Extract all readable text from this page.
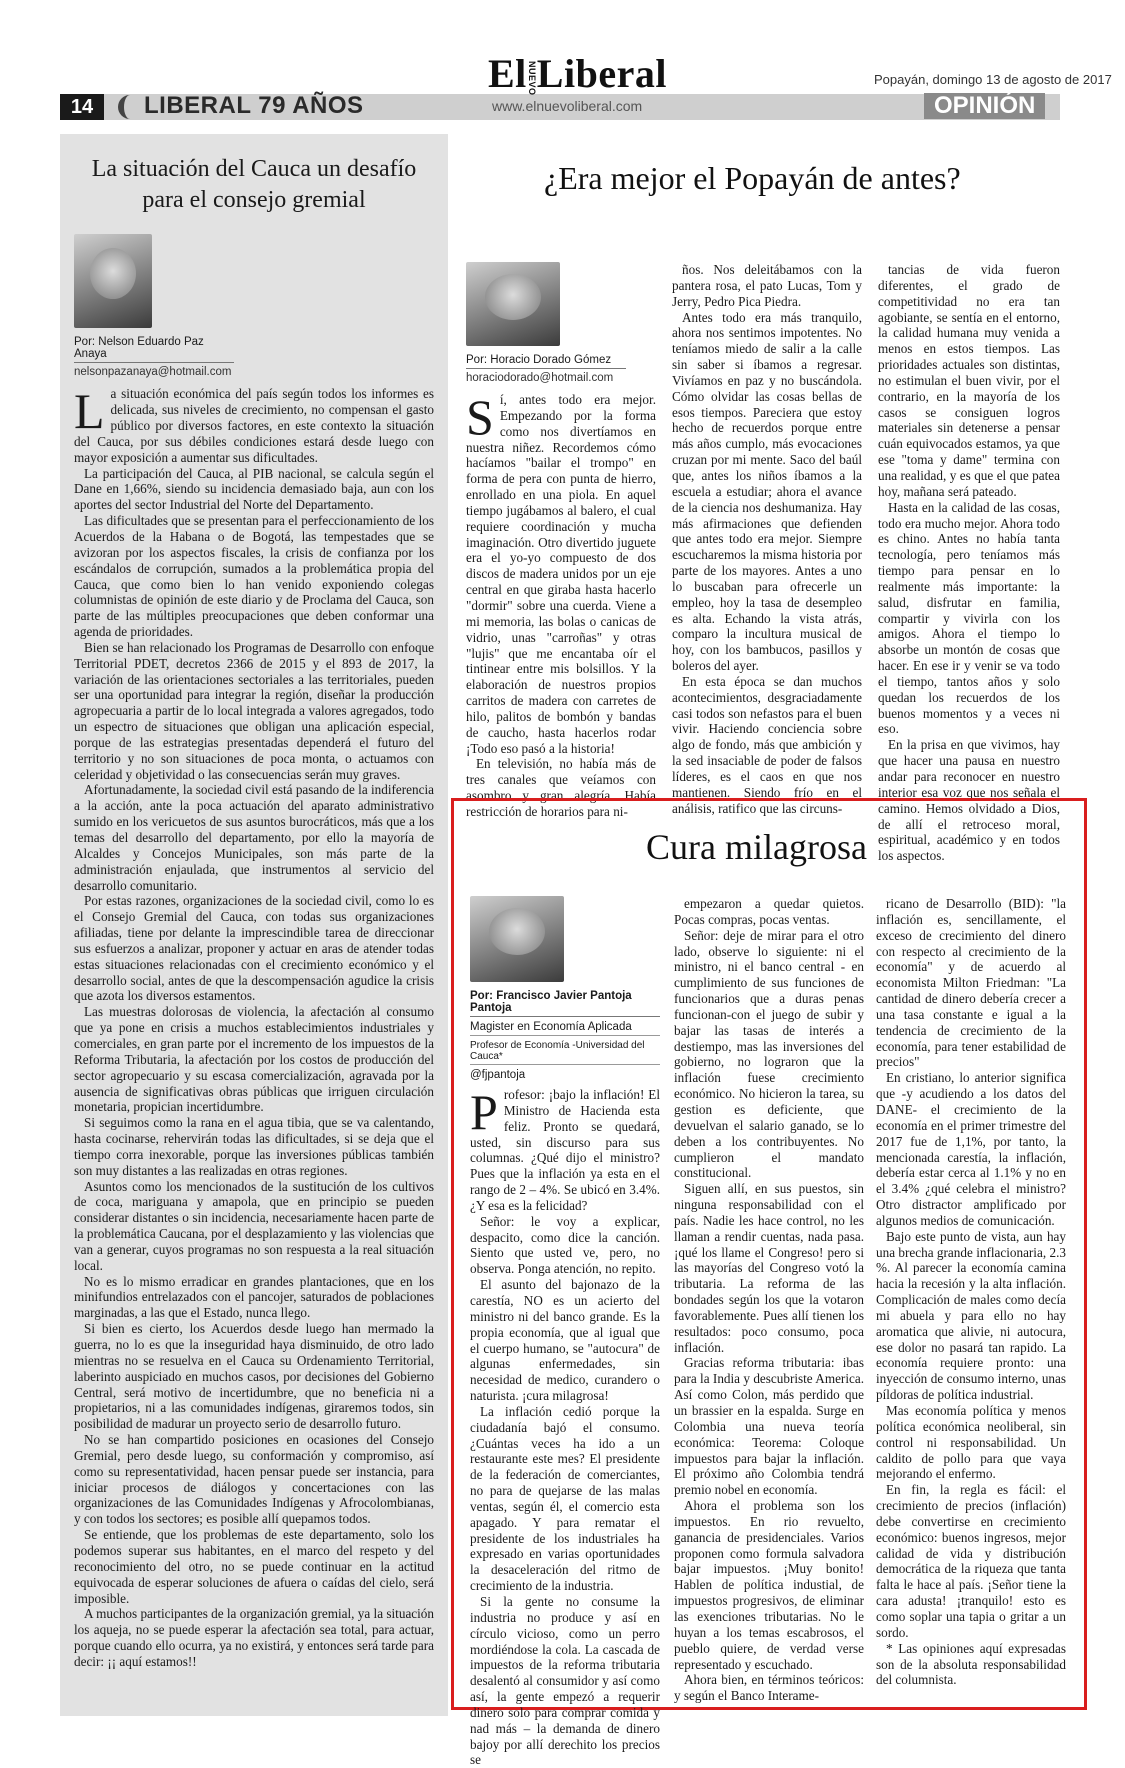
14	LIBERAL 79 AÑOS
ElNUEVOLiberal
www.elnuevoliberal.com
Popayán, domingo 13 de agosto de 2017
OPINIÓN
La situación del Cauca un desafío para el consejo gremial
Por: Nelson Eduardo Paz Anaya
nelsonpazanaya@hotmail.com

La situación económica del país según todos los informes es delicada, sus niveles de crecimiento, no compensan el gasto público por diversos factores, en este contexto la situación del Cauca, por sus débiles condiciones estará desde luego con mayor exposición a aumentar sus dificultades.

La participación del Cauca, al PIB nacional, se calcula según el Dane en 1,66%, siendo su incidencia demasiado baja, aun con los aportes del sector Industrial del Norte del Departamento.

Las dificultades que se presentan para el perfeccionamiento de los Acuerdos de la Habana o de Bogotá, las tempestades que se avizoran por los aspectos fiscales, la crisis de confianza por los escándalos de corrupción, sumados a la problemática propia del Cauca, que como bien lo han venido exponiendo colegas columnistas de opinión de este diario y de Proclama del Cauca, son parte de las múltiples preocupaciones que deben conformar una agenda de prioridades.

Bien se han relacionado los Programas de Desarrollo con enfoque Territorial PDET, decretos 2366 de 2015 y el 893 de 2017, la variación de las orientaciones sectoriales a las territoriales, pueden ser una oportunidad para integrar la región, diseñar la producción agropecuaria a partir de lo local integrada a valores agregados, todo un espectro de situaciones que obligan una aplicación especial, porque de las estrategias presentadas dependerá el futuro del territorio y no son situaciones de poca monta, o actuamos con celeridad y objetividad o las consecuencias serán muy graves.

Afortunadamente, la sociedad civil está pasando de la indiferencia a la acción, ante la poca actuación del aparato administrativo sumido en los vericuetos de sus asuntos burocráticos, más que a los temas del desarrollo del departamento, por ello la mayoría de Alcaldes y Concejos Municipales, son más parte de la administración enjaulada, que instrumentos al servicio del desarrollo comunitario.

Por estas razones, organizaciones de la sociedad civil, como lo es el Consejo Gremial del Cauca, con todas sus organizaciones afiliadas, tiene por delante la imprescindible tarea de direccionar sus esfuerzos a analizar, proponer y actuar en aras de atender todas estas situaciones relacionadas con el crecimiento económico y el desarrollo social, antes de que la descompensación agudice la crisis que azota los diversos estamentos.

Las muestras dolorosas de violencia, la afectación al consumo que ya pone en crisis a muchos establecimientos industriales y comerciales, en gran parte por el incremento de los impuestos de la Reforma Tributaria, la afectación por los costos de producción del sector agropecuario y su escasa comercialización, agravada por la ausencia de significativas obras públicas que irriguen circulación monetaria, propician incertidumbre.

Si seguimos como la rana en el agua tibia, que se va calentando, hasta cocinarse, rehervirán todas las dificultades, si se deja que el tiempo corra inexorable, porque las inversiones públicas también son muy distantes a las realizadas en otras regiones.

Asuntos como los mencionados de la sustitución de los cultivos de coca, mariguana y amapola, que en principio se pueden considerar distantes o sin incidencia, necesariamente hacen parte de la problemática Caucana, por el desplazamiento y las violencias que van a generar, cuyos programas no son respuesta a la real situación local.

No es lo mismo erradicar en grandes plantaciones, que en los minifundios entrelazados con el pancojer, saturados de poblaciones marginadas, a las que el Estado, nunca llego.

Si bien es cierto, los Acuerdos desde luego han mermado la guerra, no lo es que la inseguridad haya disminuido, de otro lado mientras no se resuelva en el Cauca su Ordenamiento Territorial, laberinto auspiciado en muchos casos, por decisiones del Gobierno Central, será motivo de incertidumbre, que no beneficia ni a propietarios, ni a las comunidades indígenas, giraremos todos, sin posibilidad de madurar un proyecto serio de desarrollo futuro.

No se han compartido posiciones en ocasiones del Consejo Gremial, pero desde luego, su conformación y compromiso, así como su representatividad, hacen pensar puede ser instancia, para iniciar procesos de diálogos y concertaciones con las organizaciones de las Comunidades Indígenas y Afrocolombianas, y con todos los sectores; es posible allí quepamos todos.

Se entiende, que los problemas de este departamento, solo los podemos superar sus habitantes, en el marco del respeto y del reconocimiento del otro, no se puede continuar en la actitud equivocada de esperar soluciones de afuera o caídas del cielo, será imposible.

A muchos participantes de la organización gremial, ya la situación los aqueja, no se puede esperar la afectación sea total, para actuar, porque cuando ello ocurra, ya no existirá, y entonces será tarde para decir: ¡¡ aquí estamos!!

¿Era mejor el Popayán de antes?
Por: Horacio Dorado Gómez
horaciodorado@hotmail.com

Sí, antes todo era mejor. Empezando por la forma como nos divertíamos en nuestra niñez. Recordemos cómo hacíamos "bailar el trompo" en forma de pera con punta de hierro, enrollado en una piola. En aquel tiempo jugábamos al balero, el cual requiere coordinación y mucha imaginación. Otro divertido juguete era el yo-yo compuesto de dos discos de madera unidos por un eje central en que giraba hasta hacerlo "dormir" sobre una cuerda. Viene a mi memoria, las bolas o canicas de vidrio, unas "carroñas" y otras "lujis" que me encantaba oír el tintinear entre mis bolsillos. Y la elaboración de nuestros propios carritos de madera con carretes de hilo, palitos de bombón y bandas de caucho, hasta hacerlos rodar ¡Todo eso pasó a la historia!

En televisión, no había más de tres canales que veíamos con asombro y gran alegría. Había restricción de horarios para ni-

ños. Nos deleitábamos con la pantera rosa, el pato Lucas, Tom y Jerry, Pedro Pica Piedra.

Antes todo era más tranquilo, ahora nos sentimos impotentes. No teníamos miedo de salir a la calle sin saber si íbamos a regresar. Vivíamos en paz y no buscándola. Cómo olvidar las cosas bellas de esos tiempos. Pareciera que estoy hecho de recuerdos porque entre más años cumplo, más evocaciones cruzan por mi mente. Saco del baúl que, antes los niños íbamos a la escuela a estudiar; ahora el avance de la ciencia nos deshumaniza. Hay más afirmaciones que defienden que antes todo era mejor. Siempre escucharemos la misma historia por parte de los mayores. Antes a uno lo buscaban para ofrecerle un empleo, hoy la tasa de desempleo es alta. Echando la vista atrás, comparo la incultura musical de hoy, con los bambucos, pasillos y boleros del ayer.

En esta época se dan muchos acontecimientos, desgraciadamente casi todos son nefastos para el buen vivir. Haciendo conciencia sobre algo de fondo, más que ambición y la sed insaciable de poder de falsos líderes, es el caos en que nos mantienen. Siendo frío en el análisis, ratifico que las circuns-

tancias de vida fueron diferentes, el grado de competitividad no era tan agobiante, se sentía en el entorno, la calidad humana muy venida a menos en estos tiempos. Las prioridades actuales son distintas, no estimulan el buen vivir, por el contrario, en la mayoría de los casos se consiguen logros materiales sin detenerse a pensar cuán equivocados estamos, ya que ese "toma y dame" termina con una realidad, y es que el que patea hoy, mañana será pateado.

Hasta en la calidad de las cosas, todo era mucho mejor. Ahora todo es chino. Antes no había tanta tecnología, pero teníamos más tiempo para pensar en lo realmente más importante: la salud, disfrutar en familia, compartir y vivirla con los amigos. Ahora el tiempo lo absorbe un montón de cosas que hacer. En ese ir y venir se va todo el tiempo, tantos años y solo quedan los recuerdos de los buenos momentos y a veces ni eso.

En la prisa en que vivimos, hay que hacer una pausa en nuestro andar para reconocer en nuestro interior esa voz que nos señala el camino. Hemos olvidado a Dios, de allí el retroceso moral, espiritual, académico y en todos los aspectos.

Cura milagrosa
Por: Francisco Javier Pantoja Pantoja
Magister en Economía Aplicada
Profesor de Economía -Universidad del Cauca*
@fjpantoja

Profesor: ¡bajo la inflación! El Ministro de Hacienda esta feliz. Pronto se quedará, usted, sin discurso para sus columnas. ¿Qué dijo el ministro? Pues que la inflación ya esta en el rango de 2 – 4%. Se ubicó en 3.4%. ¿Y esa es la felicidad?

Señor: le voy a explicar, despacito, como dice la canción. Siento que usted ve, pero, no observa. Ponga atención, no repito.

El asunto del bajonazo de la carestía, NO es un acierto del ministro ni del banco grande. Es la propia economía, que al igual que el cuerpo humano, se "autocura" de algunas enfermedades, sin necesidad de medico, curandero o naturista. ¡cura milagrosa!

La inflación cedió porque la ciudadanía bajó el consumo. ¿Cuántas veces ha ido a un restaurante este mes? El presidente de la federación de comerciantes, no para de quejarse de las malas ventas, según él, el comercio esta apagado. Y para rematar el presidente de los industriales ha expresado en varias oportunidades la desaceleración del ritmo de crecimiento de la industria.

Si la gente no consume la industria no produce y así en círculo vicioso, como un perro mordiéndose la cola. La cascada de impuestos de la reforma tributaria desalentó al consumidor y así como así, la gente empezó a requerir dinero solo para comprar comida y nad más – la demanda de dinero bajoy por allí derechito los precios se

empezaron a quedar quietos. Pocas compras, pocas ventas.

Señor: deje de mirar para el otro lado, observe lo siguiente: ni el ministro, ni el banco central - en cumplimiento de sus funciones de funcionarios que a duras penas funcionan-con el juego de subir y bajar las tasas de interés a destiempo, mas las inversiones del gobierno, no lograron que la inflación fuese crecimiento económico. No hicieron la tarea, su gestion es deficiente, que devuelvan el salario ganado, se lo deben a los contribuyentes. No cumplieron el mandato constitucional.

Siguen allí, en sus puestos, sin ninguna responsabilidad con el país. Nadie les hace control, no les llaman a rendir cuentas, nada pasa. ¡qué los llame el Congreso! pero si las mayorías del Congreso votó la tributaria. La reforma de las bondades según los que la votaron favorablemente. Pues allí tienen los resultados: poco consumo, poca inflación.

Gracias reforma tributaria: ibas para la India y descubriste America. Así como Colon, más perdido que un brassier en la espalda. Surge en Colombia una nueva teoría económica: Teorema: Coloque impuestos para bajar la inflación. El próximo año Colombia tendrá premio nobel en economía.

Ahora el problema son los impuestos. En rio revuelto, ganancia de presidenciales. Varios proponen como formula salvadora bajar impuestos. ¡Muy bonito! Hablen de política industial, de impuestos progresivos, de eliminar las exenciones tributarias. No le huyan a los temas escabrosos, el pueblo quiere, de verdad verse representado y escuchado.

Ahora bien, en términos teóricos: y según el Banco Interame-

ricano de Desarrollo (BID): "la inflación es, sencillamente, el exceso de crecimiento del dinero con respecto al crecimiento de la economía" y de acuerdo al economista Milton Friedman: "La cantidad de dinero debería crecer a una tasa constante e igual a la tendencia de crecimiento de la economía, para tener estabilidad de precios"

En cristiano, lo anterior significa que -y acudiendo a los datos del DANE- el crecimiento de la economía en el primer trimestre del 2017 fue de 1,1%, por tanto, la mencionada carestía, la inflación, debería estar cerca al 1.1% y no en el 3.4% ¿qué celebra el ministro? Otro distractor amplificado por algunos medios de comunicación.

Bajo este punto de vista, aun hay una brecha grande inflacionaria, 2.3 %. Al parecer la economía camina hacia la recesión y la alta inflación. Complicación de males como decía mi abuela y para ello no hay aromatica que alivie, ni autocura, ese dolor no pasará tan rapido. La economía requiere pronto: una inyección de consumo interno, unas píldoras de política industrial.

Mas economía política y menos política económica neoliberal, sin control ni responsabilidad. Un caldito de pollo para que vaya mejorando el enfermo.

En fin, la regla es fácil: el crecimiento de precios (inflación) debe convertirse en crecimiento económico: buenos ingresos, mejor calidad de vida y distribución democrática de la riqueza que tanta falta le hace al país. ¡Señor tiene la cara adusta! ¡tranquilo! esto es como soplar una tapia o gritar a un sordo.

* Las opiniones aquí expresadas son de la absoluta responsabilidad del columnista.
